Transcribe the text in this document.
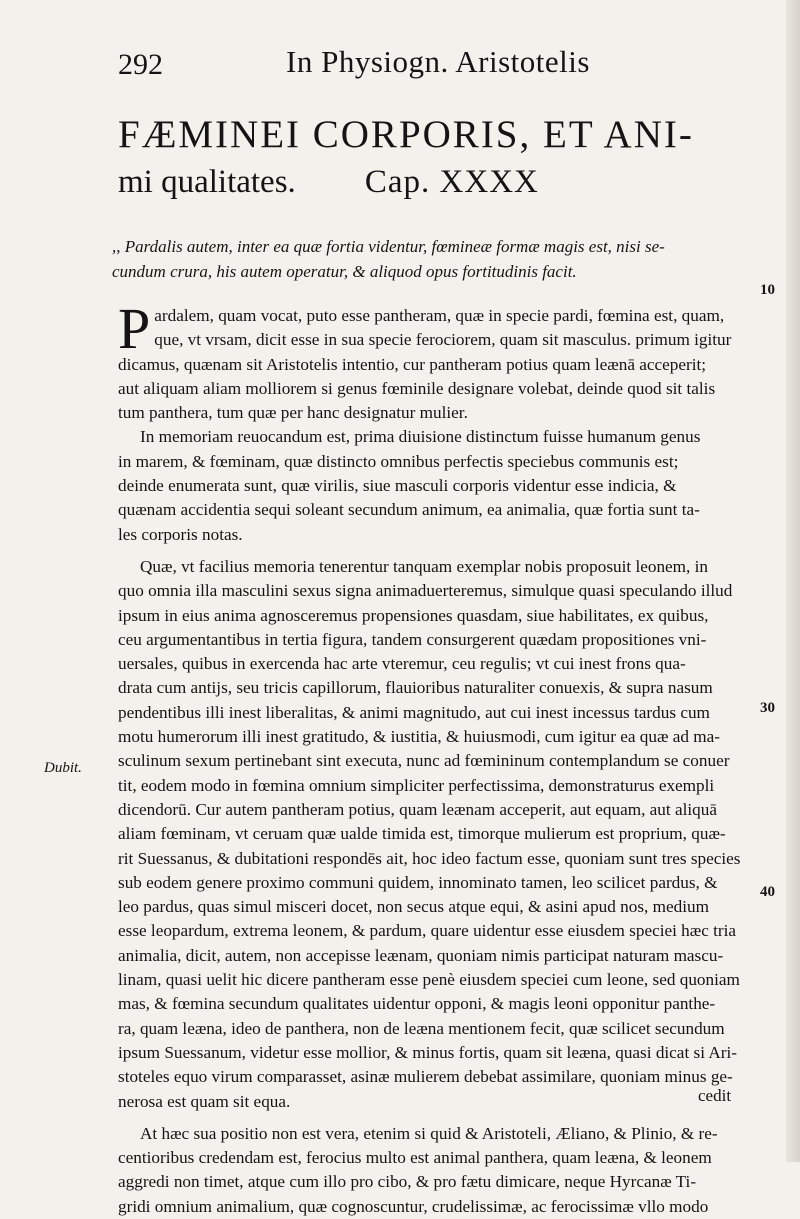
292	In Physiogn. Aristotelis
FÆMINEI CORPORIS, ET ANI-
mi qualitates. Cap. XXXX
,, Pardalis autem, inter ea quæ fortia videntur, fœmineæ formæ magis est, nisi se-
cundum crura, his autem operatur, & aliquod opus fortitudinis facit.
P ardalem, quam vocat, puto esse pantheram, quæ in specie pardi, fœmina est, quam,
que, vt vrsam, dicit esse in sua specie ferociorem, quam sit masculus. primum igitur
dicamus, quænam sit Aristotelis intentio, cur pantheram potius quam leænā acceperit;
aut aliquam aliam molliorem si genus fœminile designare volebat, deinde quod sit talis
tum panthera, tum quæ per hanc designatur mulier.
In memoriam reuocandum est, prima diuisione distinctum fuisse humanum genus
in marem, & fœminam, quæ distincto omnibus perfectis speciebus communis est;
deinde enumerata sunt, quæ virilis, siue masculi corporis videntur esse indicia, &
quænam accidentia sequi soleant secundum animum, ea animalia, quæ fortia sunt ta-
les corporis notas.
Quæ, vt facilius memoria tenerentur tanquam exemplar nobis proposuit leonem, in
quo omnia illa masculini sexus signa animaduerteremus, simulque quasi speculando illud
ipsum in eius anima agnosceremus propensiones quasdam, siue habilitates, ex quibus,
ceu argumentantibus in tertia figura, tandem consurgerent quædam propositiones vni-
uersales, quibus in exercenda hac arte vteremur, ceu regulis; vt cui inest frons qua-
drata cum antijs, seu tricis capillorum, flauioribus naturaliter conuexis, & supra nasum
pendentibus illi inest liberalitas, & animi magnitudo, aut cui inest incessus tardus cum
motu humerorum illi inest gratitudo, & iustitia, & huiusmodi, cum igitur ea quæ ad ma-
sculinum sexum pertinebant sint executa, nunc ad fœmininum contemplandum se conuer
tit, eodem modo in fœmina omnium simpliciter perfectissima, demonstraturus exempli
dicendorū. Cur autem pantheram potius, quam leænam acceperit, aut equam, aut aliquā
aliam fœminam, vt ceruam quæ ualde timida est, timorque mulierum est proprium, quæ-
rit Suessanus, & dubitationi respondēs ait, hoc ideo factum esse, quoniam sunt tres species
sub eodem genere proximo communi quidem, innominato tamen, leo scilicet pardus, &
leo pardus, quas simul misceri docet, non secus atque equi, & asini apud nos, medium
esse leopardum, extrema leonem, & pardum, quare uidentur esse eiusdem speciei hæc tria
animalia, dicit, autem, non accepisse leænam, quoniam nimis participat naturam mascu-
linam, quasi uelit hic dicere pantheram esse penè eiusdem speciei cum leone, sed quoniam
mas, & fœmina secundum qualitates uidentur opponi, & magis leoni opponitur panthe-
ra, quam leæna, ideo de panthera, non de leæna mentionem fecit, quæ scilicet secundum
ipsum Suessanum, videtur esse mollior, & minus fortis, quam sit leæna, quasi dicat si Ari-
stoteles equo virum comparasset, asinæ mulierem debebat assimilare, quoniam minus ge-
nerosa est quam sit equa.
At hæc sua positio non est vera, etenim si quid & Aristoteli, Æliano, & Plinio, & re-
centioribus credendam est, ferocius multo est animal panthera, quam leæna, & leonem
aggredi non timet, atque cum illo pro cibo, & pro fætu dimicare, neque Hyrcanæ Ti-
gridi omnium animalium, quæ cognoscuntur, crudelissimæ, ac ferocissimæ vllo modo
Dubit.
10
30
40
cedit
